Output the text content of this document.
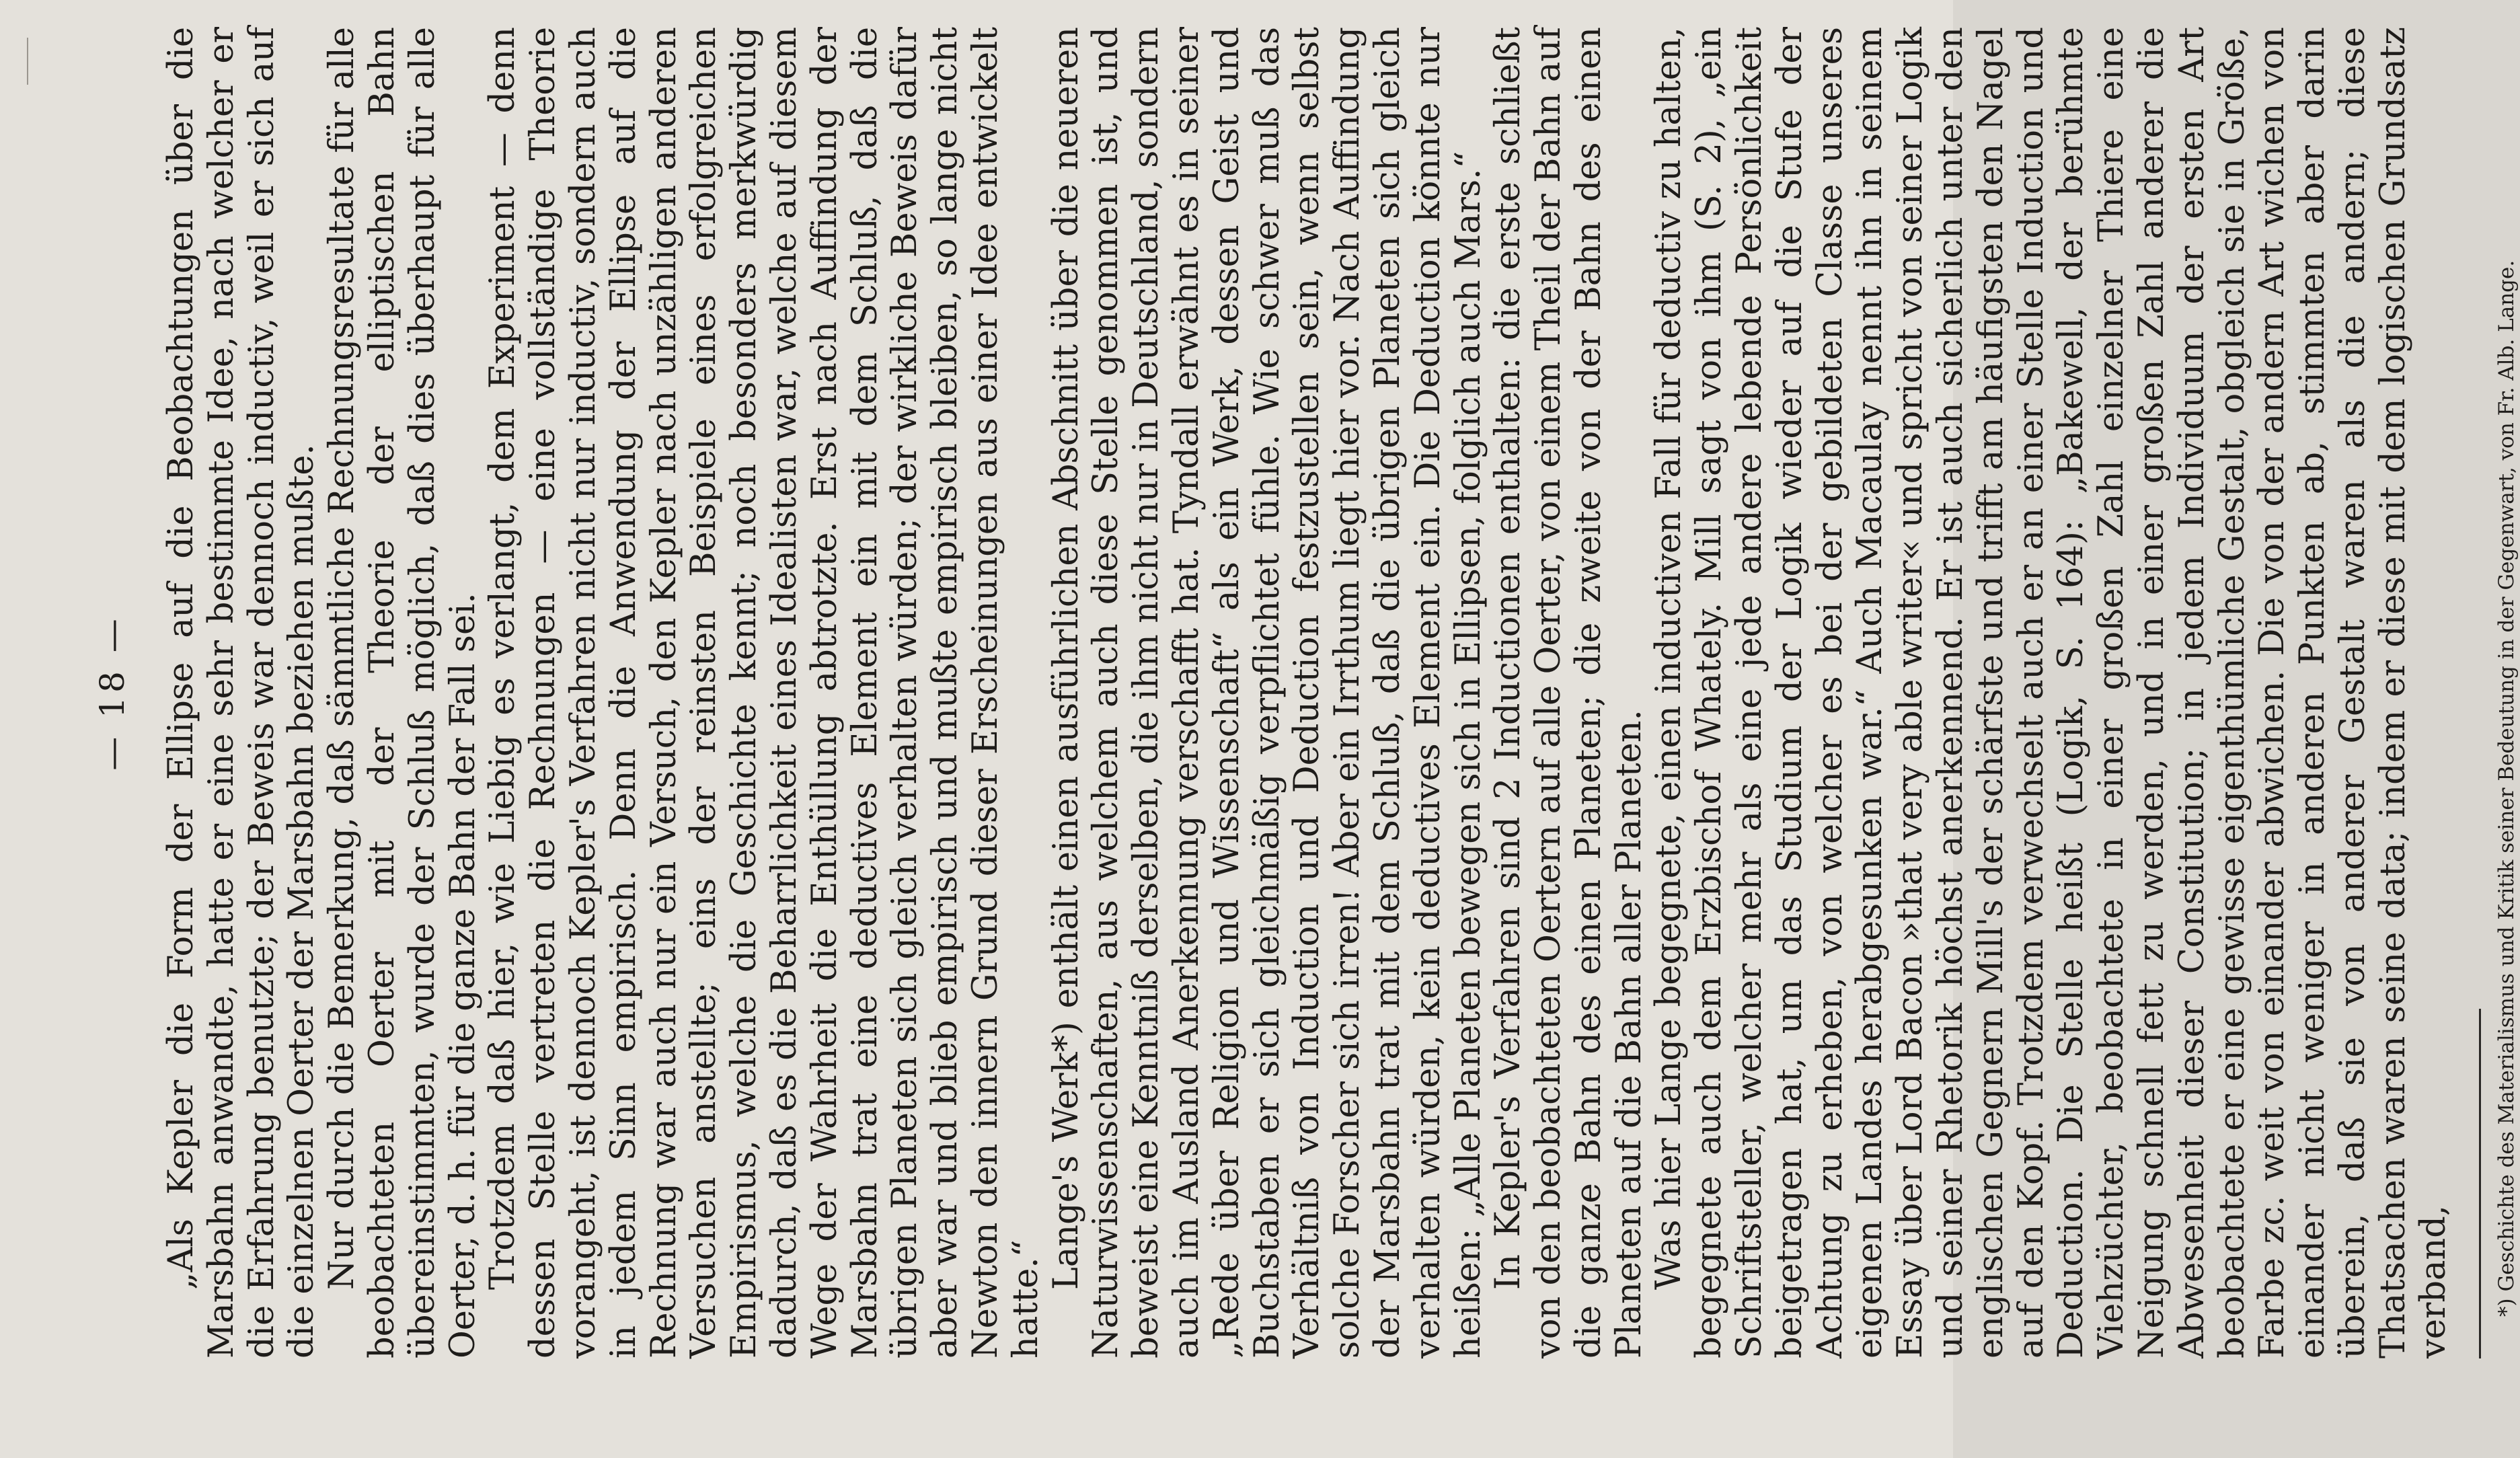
— 18 — „Als Kepler die Form der Ellipse auf die Beobachtungen über die Marsbahn anwandte, hatte er eine sehr bestimmte Idee, nach welcher er die Erfahrung benutzte; der Beweis war dennoch inductiv, weil er sich auf die einzelnen Oerter der Marsbahn beziehen mußte. Nur durch die Bemerkung, daß sämmtliche Rechnungsresultate für alle beobachteten Oerter mit der Theorie der elliptischen Bahn übereinstimmten, wurde der Schluß möglich, daß dies überhaupt für alle Oerter, d. h. für die ganze Bahn der Fall sei. Trotzdem daß hier, wie Liebig es verlangt, dem Experiment — denn dessen Stelle vertreten die Rechnungen — eine vollständige Theorie vorangeht, ist dennoch Kepler's Verfahren nicht nur inductiv, sondern auch in jedem Sinn empirisch. Denn die Anwendung der Ellipse auf die Rechnung war auch nur ein Versuch, den Kepler nach unzähligen anderen Versuchen anstellte; eins der reinsten Beispiele eines erfolgreichen Empirismus, welche die Geschichte kennt; noch besonders merkwürdig dadurch, daß es die Beharrlichkeit eines Idealisten war, welche auf diesem Wege der Wahrheit die Enthüllung abtrotzte. Erst nach Auffindung der Marsbahn trat eine deductives Element ein mit dem Schluß, daß die übrigen Planeten sich gleich verhalten würden; der wirkliche Beweis dafür aber war und blieb empirisch und mußte empirisch bleiben, so lange nicht Newton den innern Grund dieser Erscheinungen aus einer Idee entwickelt hatte.“

Lange's Werk*) enthält einen ausführlichen Abschnitt über die neueren Naturwissenschaften, aus welchem auch diese Stelle genommen ist, und beweist eine Kenntniß derselben, die ihm nicht nur in Deutschland, sondern auch im Ausland Anerkennung verschafft hat. Tyndall erwähnt es in seiner „Rede über Religion und Wissenschaft“ als ein Werk, dessen Geist und Buchstaben er sich gleichmäßig verpflichtet fühle. Wie schwer muß das Verhältniß von Induction und Deduction festzustellen sein, wenn selbst solche Forscher sich irren! Aber ein Irrthum liegt hier vor. Nach Auffindung der Marsbahn trat mit dem Schluß, daß die übrigen Planeten sich gleich verhalten würden, kein deductives Element ein. Die Deduction könnte nur heißen: „Alle Planeten bewegen sich in Ellipsen, folglich auch Mars.“ In Kepler's Verfahren sind 2 Inductionen enthalten: die erste schließt von den beobachteten Oertern auf alle Oerter, von einem Theil der Bahn auf die ganze Bahn des einen Planeten; die zweite von der Bahn des einen Planeten auf die Bahn aller Planeten. Was hier Lange begegnete, einen inductiven Fall für deductiv zu halten, begegnete auch dem Erzbischof Whately. Mill sagt von ihm (S. 2), „ein Schriftsteller, welcher mehr als eine jede andere lebende Persönlichkeit beigetragen hat, um das Studium der Logik wieder auf die Stufe der Achtung zu erheben, von welcher es bei der gebildeten Classe unseres eigenen Landes herabgesunken war.“ Auch Macaulay nennt ihn in seinem Essay über Lord Bacon »that very able writer« und spricht von seiner Logik und seiner Rhetorik höchst anerkennend. Er ist auch sicherlich unter den englischen Gegnern Mill's der schärfste und trifft am häufigsten den Nagel auf den Kopf. Trotzdem verwechselt auch er an einer Stelle Induction und Deduction. Die Stelle heißt (Logik, S. 164): „Bakewell, der berühmte Viehzüchter, beobachtete in einer großen Zahl einzelner Thiere eine Neigung schnell fett zu werden, und in einer großen Zahl anderer die Abwesenheit dieser Constitution; in jedem Individuum der ersten Art beobachtete er eine gewisse eigenthümliche Gestalt, obgleich sie in Größe, Farbe zc. weit von einander abwichen. Die von der andern Art wichen von einander nicht weniger in anderen Punkten ab, stimmten aber darin überein, daß sie von anderer Gestalt waren als die andern; diese Thatsachen waren seine data; indem er diese mit dem logischen Grundsatz verband, *) Geschichte des Materialismus und Kritik seiner Bedeutung in der Gegenwart, von Fr. Alb. Lange.
